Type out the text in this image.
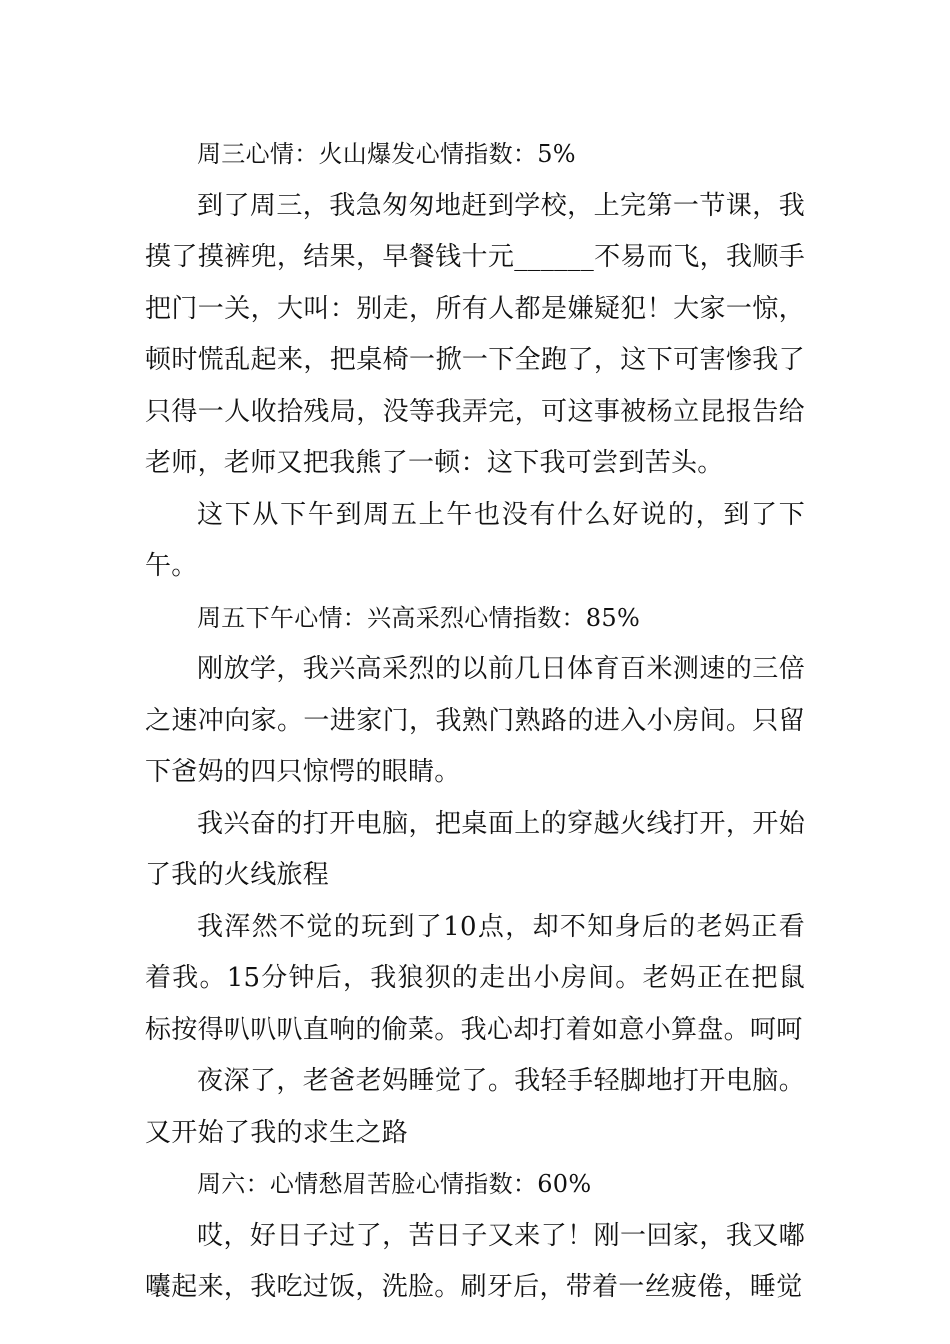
周三心情：火山爆发心情指数：5%

到了周三，我急匆匆地赶到学校，上完第一节课，我摸了摸裤兜，结果，早餐钱十元______不易而飞，我顺手把门一关，大叫：别走，所有人都是嫌疑犯！大家一惊，顿时慌乱起来，把桌椅一掀一下全跑了，这下可害惨我了只得一人收拾残局，没等我弄完，可这事被杨立昆报告给老师，老师又把我熊了一顿：这下我可尝到苦头。

这下从下午到周五上午也没有什么好说的，到了下午。

周五下午心情：兴高采烈心情指数：85%

刚放学，我兴高采烈的以前几日体育百米测速的三倍之速冲向家。一进家门，我熟门熟路的进入小房间。只留下爸妈的四只惊愕的眼睛。

我兴奋的打开电脑，把桌面上的穿越火线打开，开始了我的火线旅程

我浑然不觉的玩到了10点，却不知身后的老妈正看着我。15分钟后，我狼狈的走出小房间。老妈正在把鼠标按得叭叭叭直响的偷菜。我心却打着如意小算盘。呵呵

夜深了，老爸老妈睡觉了。我轻手轻脚地打开电脑。又开始了我的求生之路

周六：心情愁眉苦脸心情指数：60%

哎，好日子过了，苦日子又来了！刚一回家，我又嘟囔起来，我吃过饭，洗脸。刷牙后，带着一丝疲倦，睡觉
